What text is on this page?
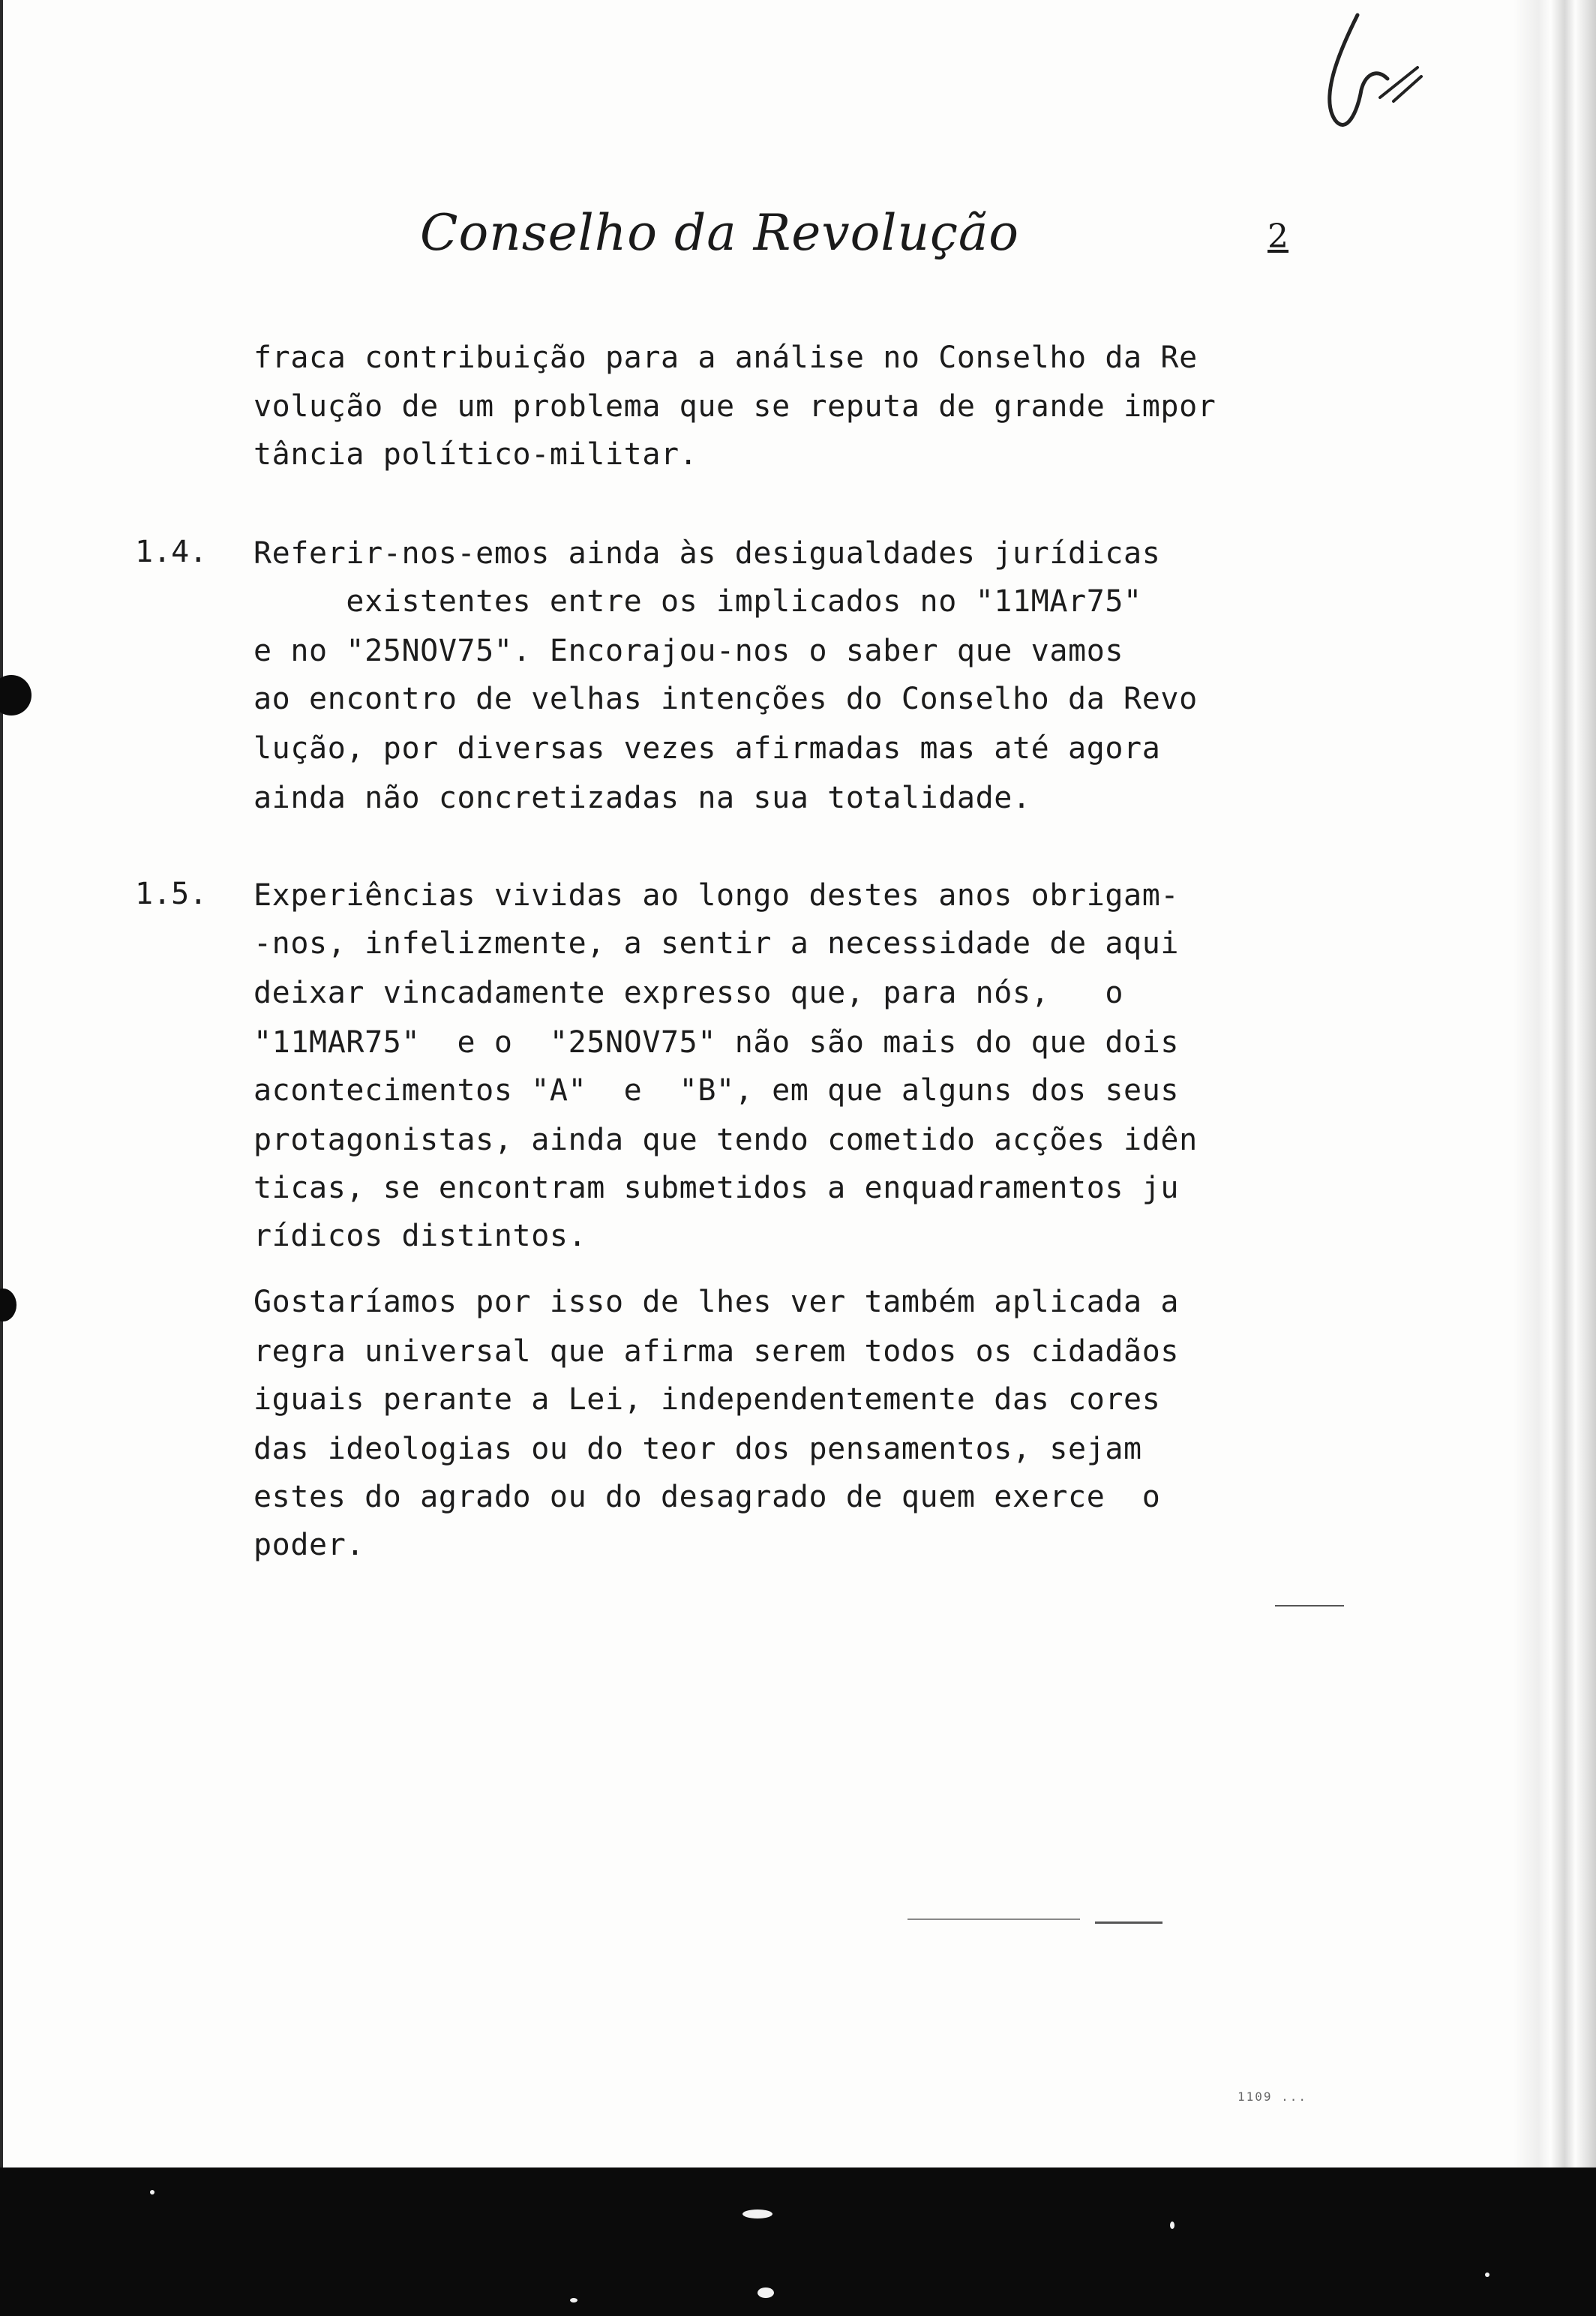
Conselho da Revolução	2
fraca contribuição para a análise no Conselho da Re
volução de um problema que se reputa de grande impor
tância político-militar.
1.4. Referir-nos-emos ainda às desigualdades jurídicas
existentes entre os implicados no "11MAr75"
e no "25NOV75". Encorajou-nos o saber que vamos
ao encontro de velhas intenções do Conselho da Revo
lução, por diversas vezes afirmadas mas até agora
ainda não concretizadas na sua totalidade.
1.5. Experiências vividas ao longo destes anos obrigam-
-nos, infelizmente, a sentir a necessidade de aqui
deixar vincadamente expresso que, para nós,   o
"11MAR75"  e o  "25NOV75" não são mais do que dois
acontecimentos "A"  e  "B", em que alguns dos seus
protagonistas, ainda que tendo cometido acções idên
ticas, se encontram submetidos a enquadramentos ju
rídicos distintos.
Gostaríamos por isso de lhes ver também aplicada a
regra universal que afirma serem todos os cidadãos
iguais perante a Lei, independentemente das cores
das ideologias ou do teor dos pensamentos, sejam
estes do agrado ou do desagrado de quem exerce  o
poder.
1109 ...
